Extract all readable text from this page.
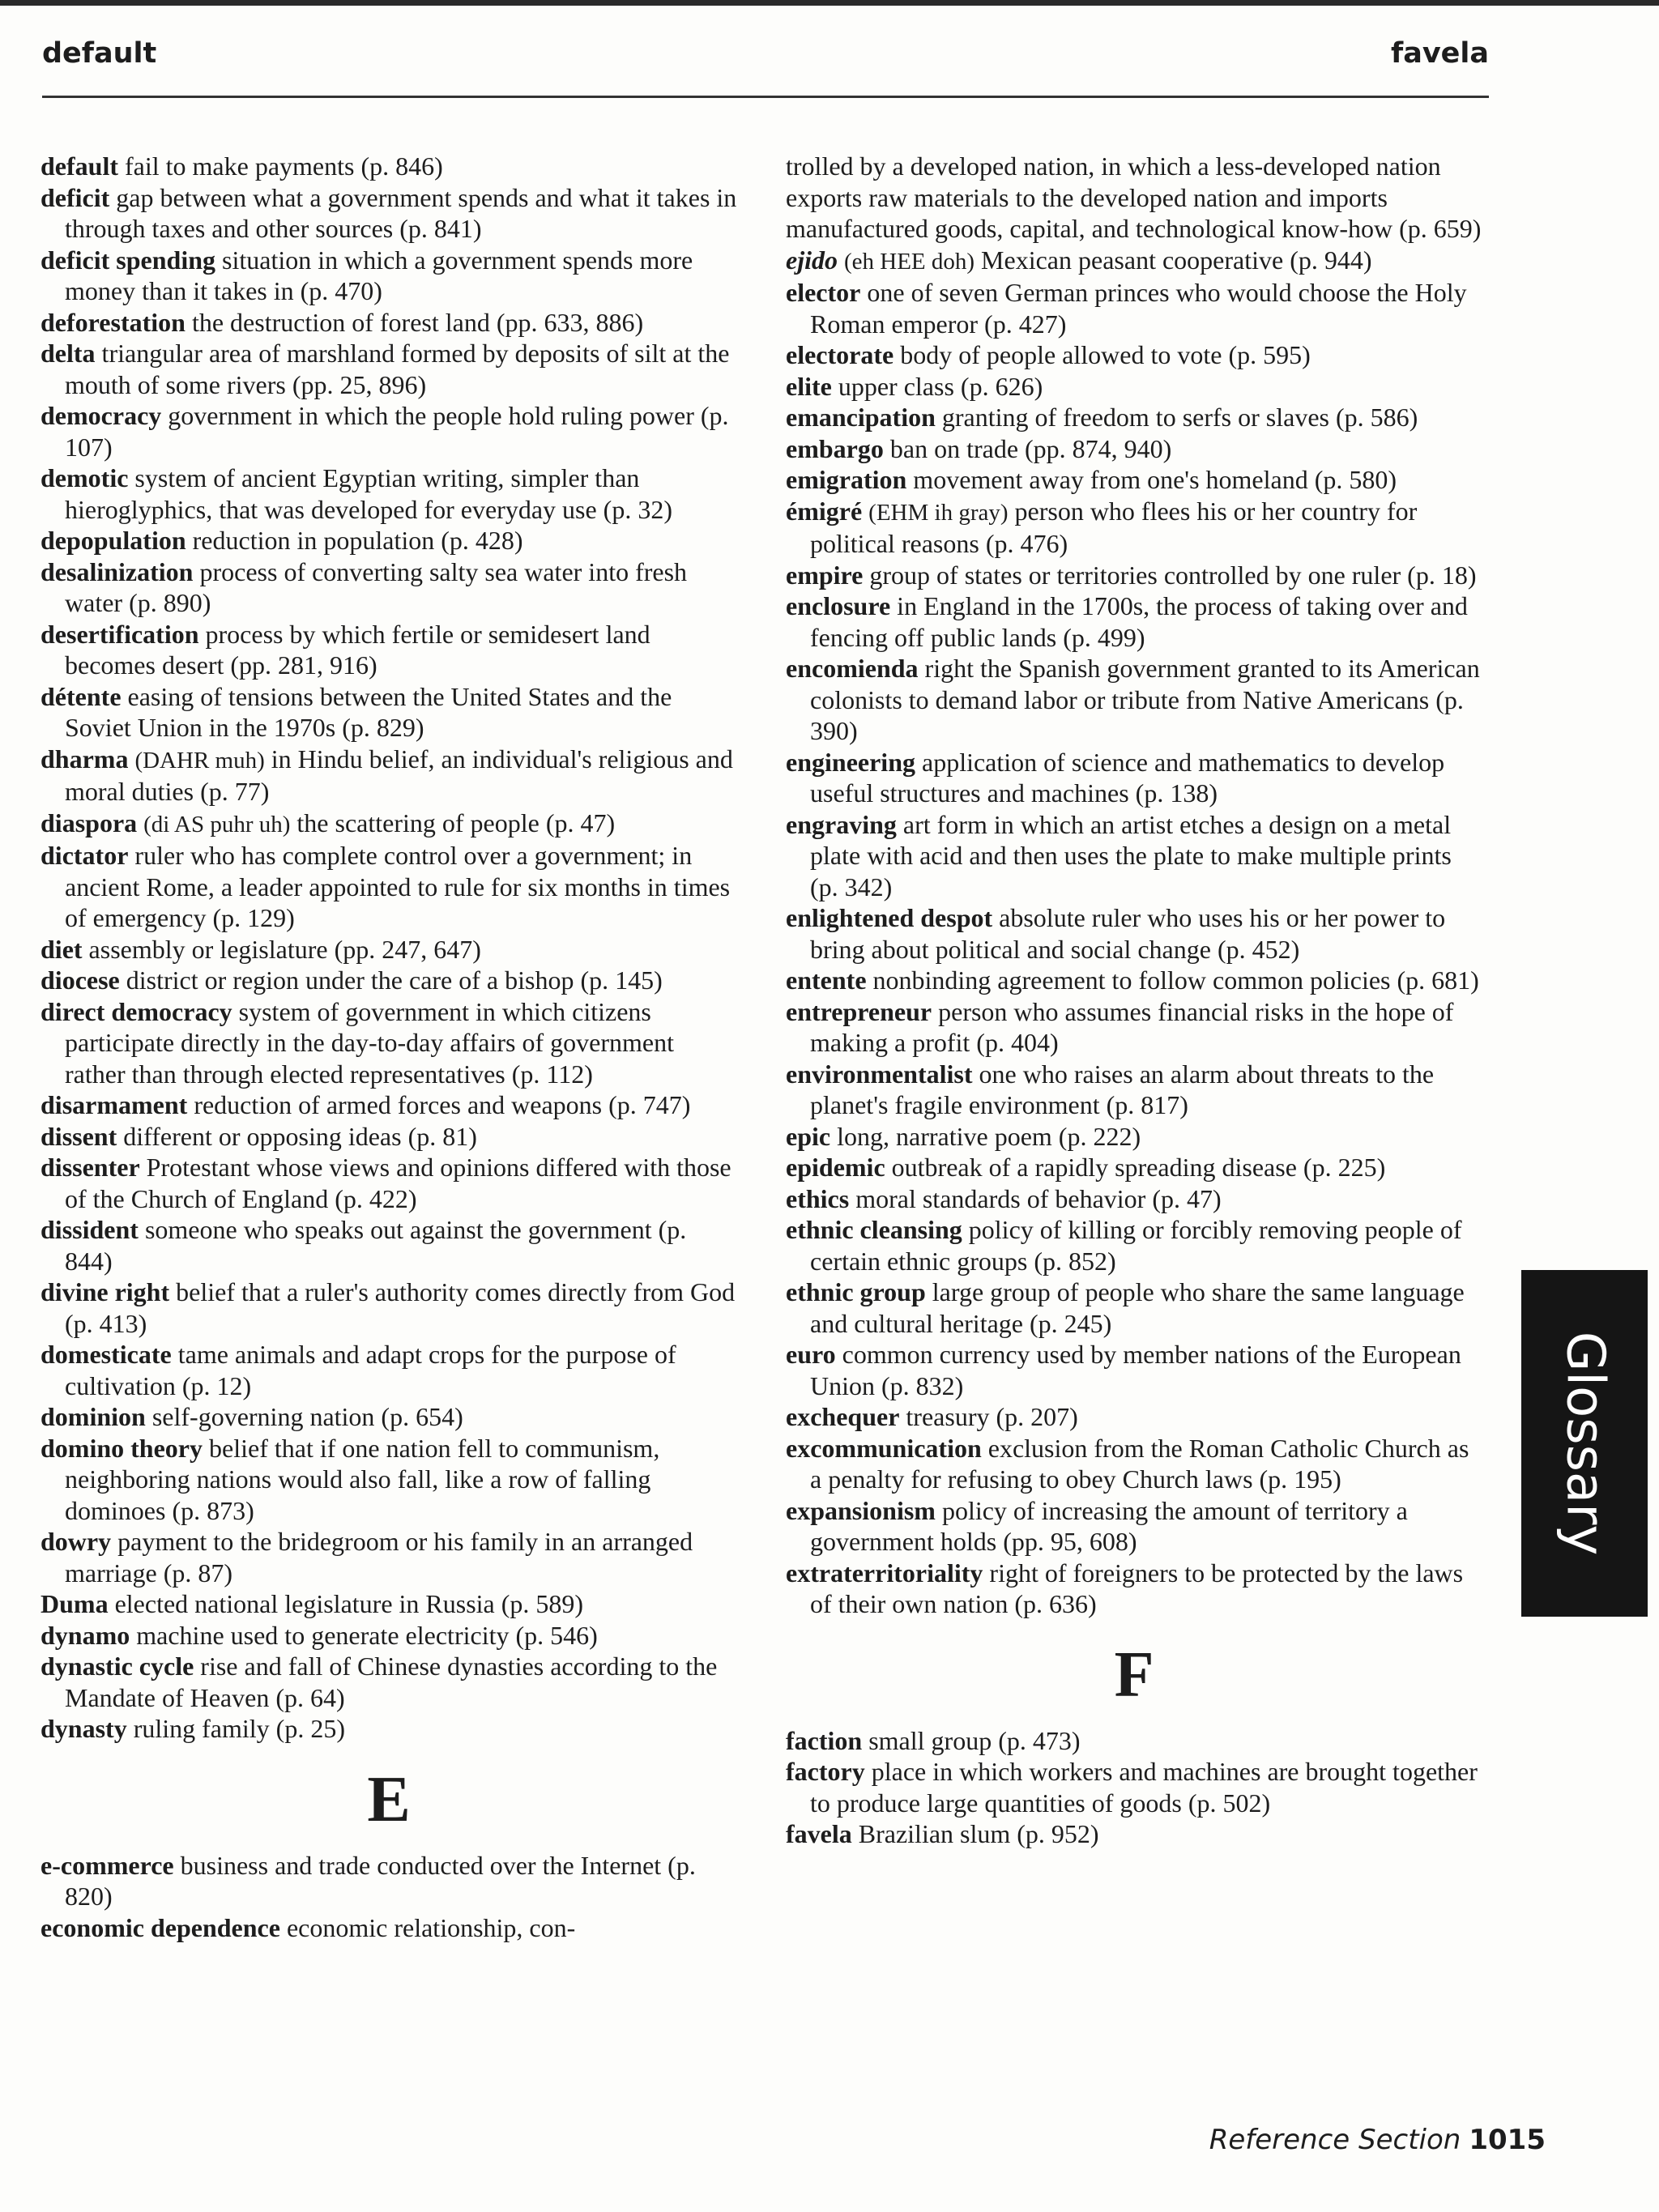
default	favela

default fail to make payments (p. 846)

deficit gap between what a government spends and what it takes in through taxes and other sources (p. 841)

deficit spending situation in which a government spends more money than it takes in (p. 470)

deforestation the destruction of forest land (pp. 633, 886)

delta triangular area of marshland formed by deposits of silt at the mouth of some rivers (pp. 25, 896)

democracy government in which the people hold ruling power (p. 107)

demotic system of ancient Egyptian writing, simpler than hieroglyphics, that was developed for everyday use (p. 32)

depopulation reduction in population (p. 428)

desalinization process of converting salty sea water into fresh water (p. 890)

desertification process by which fertile or semidesert land becomes desert (pp. 281, 916)

détente easing of tensions between the United States and the Soviet Union in the 1970s (p. 829)

dharma (DAHR muh) in Hindu belief, an individual's religious and moral duties (p. 77)

diaspora (di AS puhr uh) the scattering of people (p. 47)

dictator ruler who has complete control over a government; in ancient Rome, a leader appointed to rule for six months in times of emergency (p. 129)

diet assembly or legislature (pp. 247, 647)

diocese district or region under the care of a bishop (p. 145)

direct democracy system of government in which citizens participate directly in the day-to-day affairs of government rather than through elected representatives (p. 112)

disarmament reduction of armed forces and weapons (p. 747)

dissent different or opposing ideas (p. 81)

dissenter Protestant whose views and opinions differed with those of the Church of England (p. 422)

dissident someone who speaks out against the government (p. 844)

divine right belief that a ruler's authority comes directly from God (p. 413)

domesticate tame animals and adapt crops for the purpose of cultivation (p. 12)

dominion self-governing nation (p. 654)

domino theory belief that if one nation fell to communism, neighboring nations would also fall, like a row of falling dominoes (p. 873)

dowry payment to the bridegroom or his family in an arranged marriage (p. 87)

Duma elected national legislature in Russia (p. 589)

dynamo machine used to generate electricity (p. 546)

dynastic cycle rise and fall of Chinese dynasties according to the Mandate of Heaven (p. 64)

dynasty ruling family (p. 25)

E

e-commerce business and trade conducted over the Internet (p. 820)

economic dependence economic relationship, con-

trolled by a developed nation, in which a less-developed nation exports raw materials to the developed nation and imports manufactured goods, capital, and technological know-how (p. 659)

ejido (eh HEE doh) Mexican peasant cooperative (p. 944)

elector one of seven German princes who would choose the Holy Roman emperor (p. 427)

electorate body of people allowed to vote (p. 595)

elite upper class (p. 626)

emancipation granting of freedom to serfs or slaves (p. 586)

embargo ban on trade (pp. 874, 940)

emigration movement away from one's homeland (p. 580)

émigré (EHM ih gray) person who flees his or her country for political reasons (p. 476)

empire group of states or territories controlled by one ruler (p. 18)

enclosure in England in the 1700s, the process of taking over and fencing off public lands (p. 499)

encomienda right the Spanish government granted to its American colonists to demand labor or tribute from Native Americans (p. 390)

engineering application of science and mathematics to develop useful structures and machines (p. 138)

engraving art form in which an artist etches a design on a metal plate with acid and then uses the plate to make multiple prints (p. 342)

enlightened despot absolute ruler who uses his or her power to bring about political and social change (p. 452)

entente nonbinding agreement to follow common policies (p. 681)

entrepreneur person who assumes financial risks in the hope of making a profit (p. 404)

environmentalist one who raises an alarm about threats to the planet's fragile environment (p. 817)

epic long, narrative poem (p. 222)

epidemic outbreak of a rapidly spreading disease (p. 225)

ethics moral standards of behavior (p. 47)

ethnic cleansing policy of killing or forcibly removing people of certain ethnic groups (p. 852)

ethnic group large group of people who share the same language and cultural heritage (p. 245)

euro common currency used by member nations of the European Union (p. 832)

exchequer treasury (p. 207)

excommunication exclusion from the Roman Catholic Church as a penalty for refusing to obey Church laws (p. 195)

expansionism policy of increasing the amount of territory a government holds (pp. 95, 608)

extraterritoriality right of foreigners to be protected by the laws of their own nation (p. 636)

F

faction small group (p. 473)

factory place in which workers and machines are brought together to produce large quantities of goods (p. 502)

favela Brazilian slum (p. 952)

Glossary
Reference Section 1015
